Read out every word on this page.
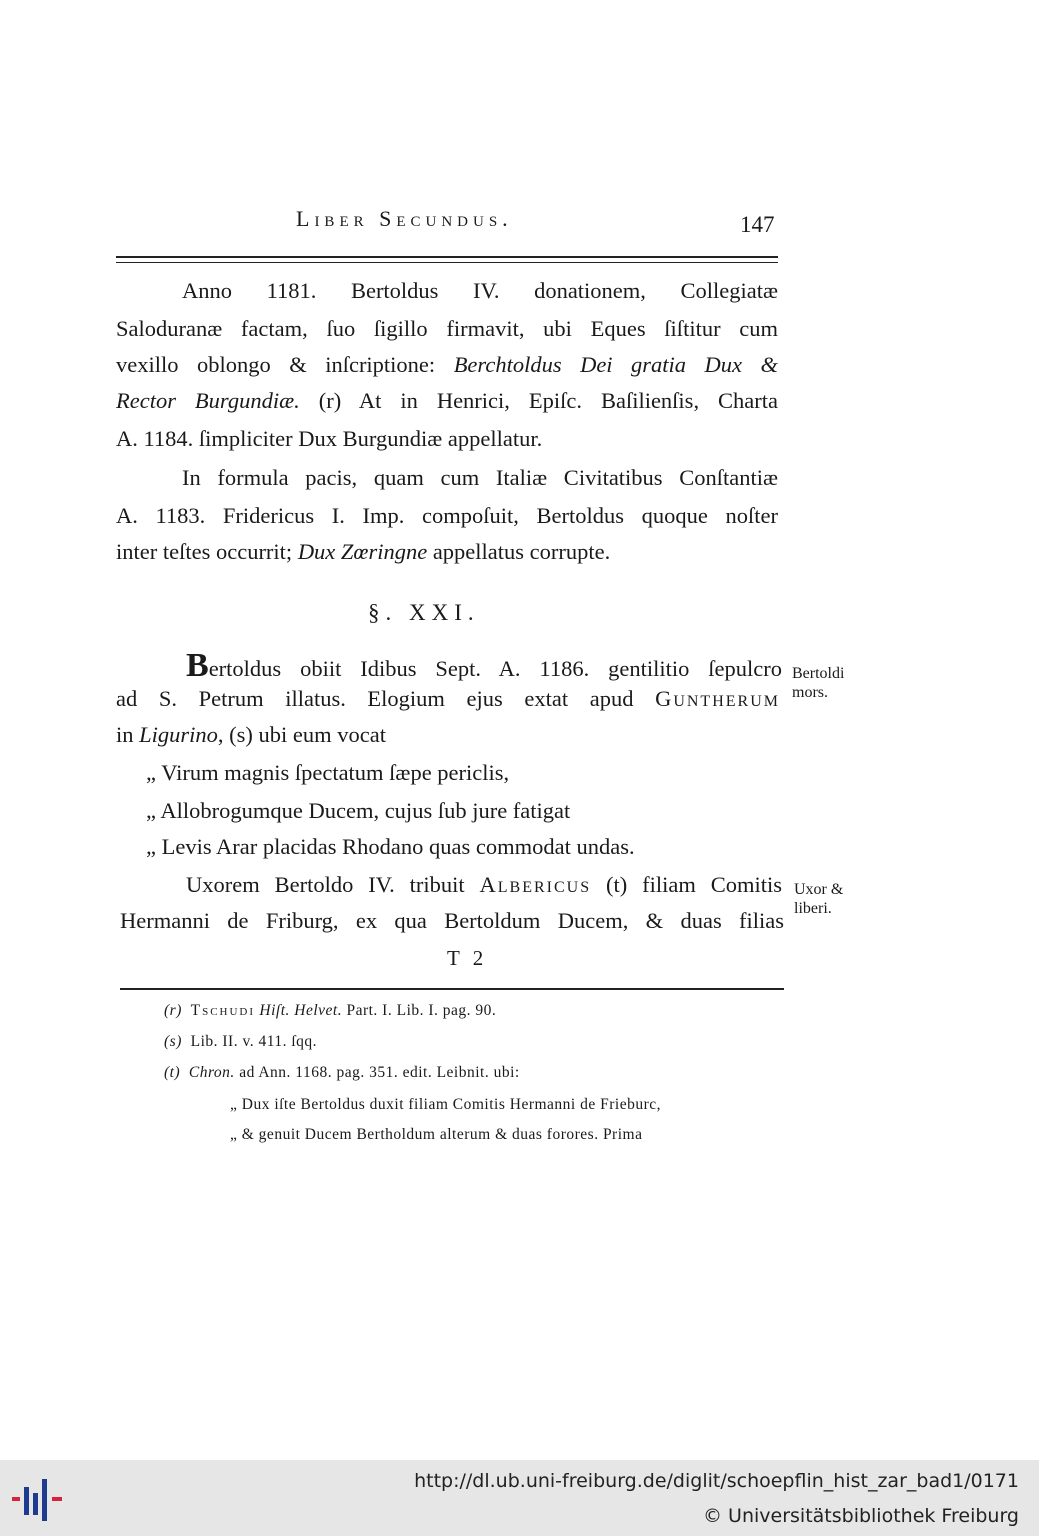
Liber Secundus.	147
Anno 1181. Bertoldus IV. donationem, Collegiatæ
Saloduranæ factam, ſuo ſigillo firmavit, ubi Eques ſiſtitur cum
vexillo oblongo & inſcriptione: Berchtoldus Dei gratia Dux &
Rector Burgundiæ. (r) At in Henrici, Epiſc. Baſilienſis, Charta
A. 1184. ſimpliciter Dux Burgundiæ appellatur.
In formula pacis, quam cum Italiæ Civitatibus Conſtantiæ
A. 1183. Fridericus I. Imp. compoſuit, Bertoldus quoque noſter
inter teſtes occurrit; Dux Zœringne appellatus corrupte.
§. XXI.
Bertoldus obiit Idibus Sept. A. 1186. gentilitio ſepulcro
ad S. Petrum illatus. Elogium ejus extat apud Guntherum
in Ligurino, (s) ubi eum vocat
„ Virum magnis ſpectatum ſæpe periclis,
„ Allobrogumque Ducem, cujus ſub jure fatigat
„ Levis Arar placidas Rhodano quas commodat undas.
Uxorem Bertoldo IV. tribuit Albericus (t) filiam Comitis
Hermanni de Friburg, ex qua Bertoldum Ducem, & duas filias
Bertoldi
mors.
Uxor &
liberi.
T 2
(r) Tschudi Hiſt. Helvet. Part. I. Lib. I. pag. 90.
(s) Lib. II. v. 411. ſqq.
(t) Chron. ad Ann. 1168. pag. 351. edit. Leibnit. ubi:
„ Dux iſte Bertoldus duxit filiam Comitis Hermanni de Frieburc,
„ & genuit Ducem Bertholdum alterum & duas forores. Prima
http://dl.ub.uni-freiburg.de/diglit/schoepflin_hist_zar_bad1/0171
© Universitätsbibliothek Freiburg
